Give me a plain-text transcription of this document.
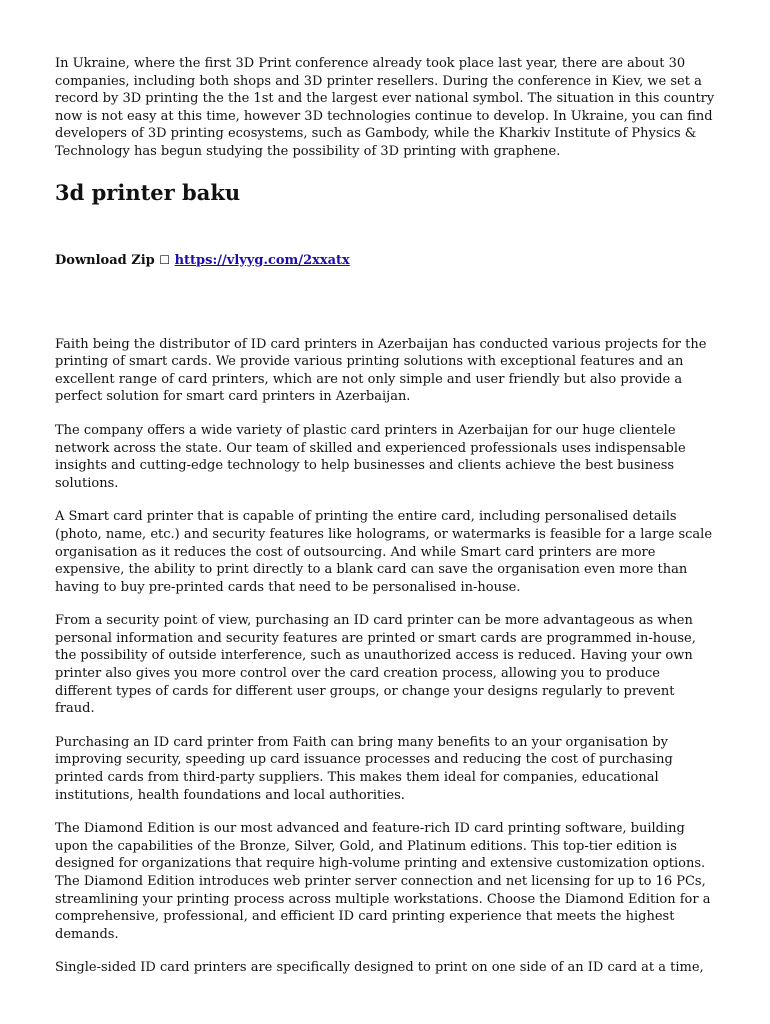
In Ukraine, where the first 3D Print conference already took place last year, there are about 30 companies, including both shops and 3D printer resellers. During the conference in Kiev, we set a record by 3D printing the the 1st and the largest ever national symbol. The situation in this country now is not easy at this time, however 3D technologies continue to develop. In Ukraine, you can find developers of 3D printing ecosystems, such as Gambody, while the Kharkiv Institute of Physics & Technology has begun studying the possibility of 3D printing with graphene.

3d printer baku
Download Zip ☐ https://vlyyg.com/2xxatx

Faith being the distributor of ID card printers in Azerbaijan has conducted various projects for the printing of smart cards. We provide various printing solutions with exceptional features and an excellent range of card printers, which are not only simple and user friendly but also provide a perfect solution for smart card printers in Azerbaijan.

The company offers a wide variety of plastic card printers in Azerbaijan for our huge clientele network across the state. Our team of skilled and experienced professionals uses indispensable insights and cutting-edge technology to help businesses and clients achieve the best business solutions.

A Smart card printer that is capable of printing the entire card, including personalised details (photo, name, etc.) and security features like holograms, or watermarks is feasible for a large scale organisation as it reduces the cost of outsourcing. And while Smart card printers are more expensive, the ability to print directly to a blank card can save the organisation even more than having to buy pre-printed cards that need to be personalised in-house.

From a security point of view, purchasing an ID card printer can be more advantageous as when personal information and security features are printed or smart cards are programmed in-house, the possibility of outside interference, such as unauthorized access is reduced. Having your own printer also gives you more control over the card creation process, allowing you to produce different types of cards for different user groups, or change your designs regularly to prevent fraud.

Purchasing an ID card printer from Faith can bring many benefits to an your organisation by improving security, speeding up card issuance processes and reducing the cost of purchasing printed cards from third-party suppliers. This makes them ideal for companies, educational institutions, health foundations and local authorities.

The Diamond Edition is our most advanced and feature-rich ID card printing software, building upon the capabilities of the Bronze, Silver, Gold, and Platinum editions. This top-tier edition is designed for organizations that require high-volume printing and extensive customization options. The Diamond Edition introduces web printer server connection and net licensing for up to 16 PCs, streamlining your printing process across multiple workstations. Choose the Diamond Edition for a comprehensive, professional, and efficient ID card printing experience that meets the highest demands.

Single-sided ID card printers are specifically designed to print on one side of an ID card at a time,
